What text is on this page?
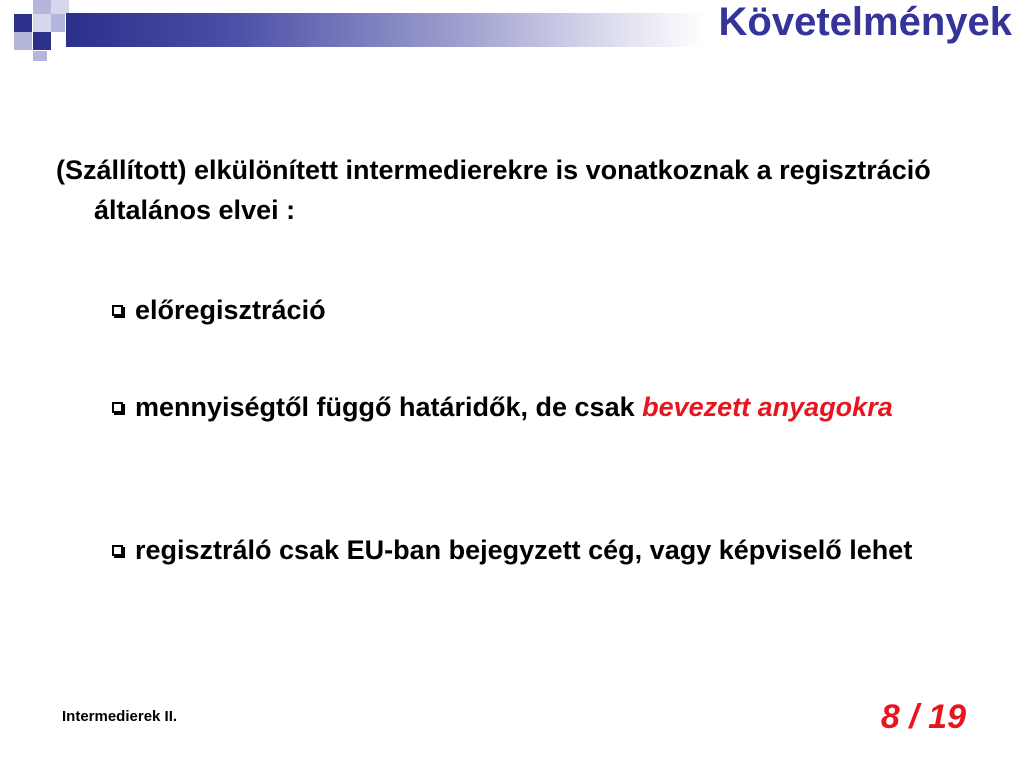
Követelmények
(Szállított) elkülönített intermedierekre is vonatkoznak a regisztráció általános elvei :
előregisztráció
mennyiségtől függő határidők, de csak bevezett anyagokra
regisztráló csak EU-ban bejegyzett cég, vagy képviselő lehet
Intermedierek II.	8 / 19
